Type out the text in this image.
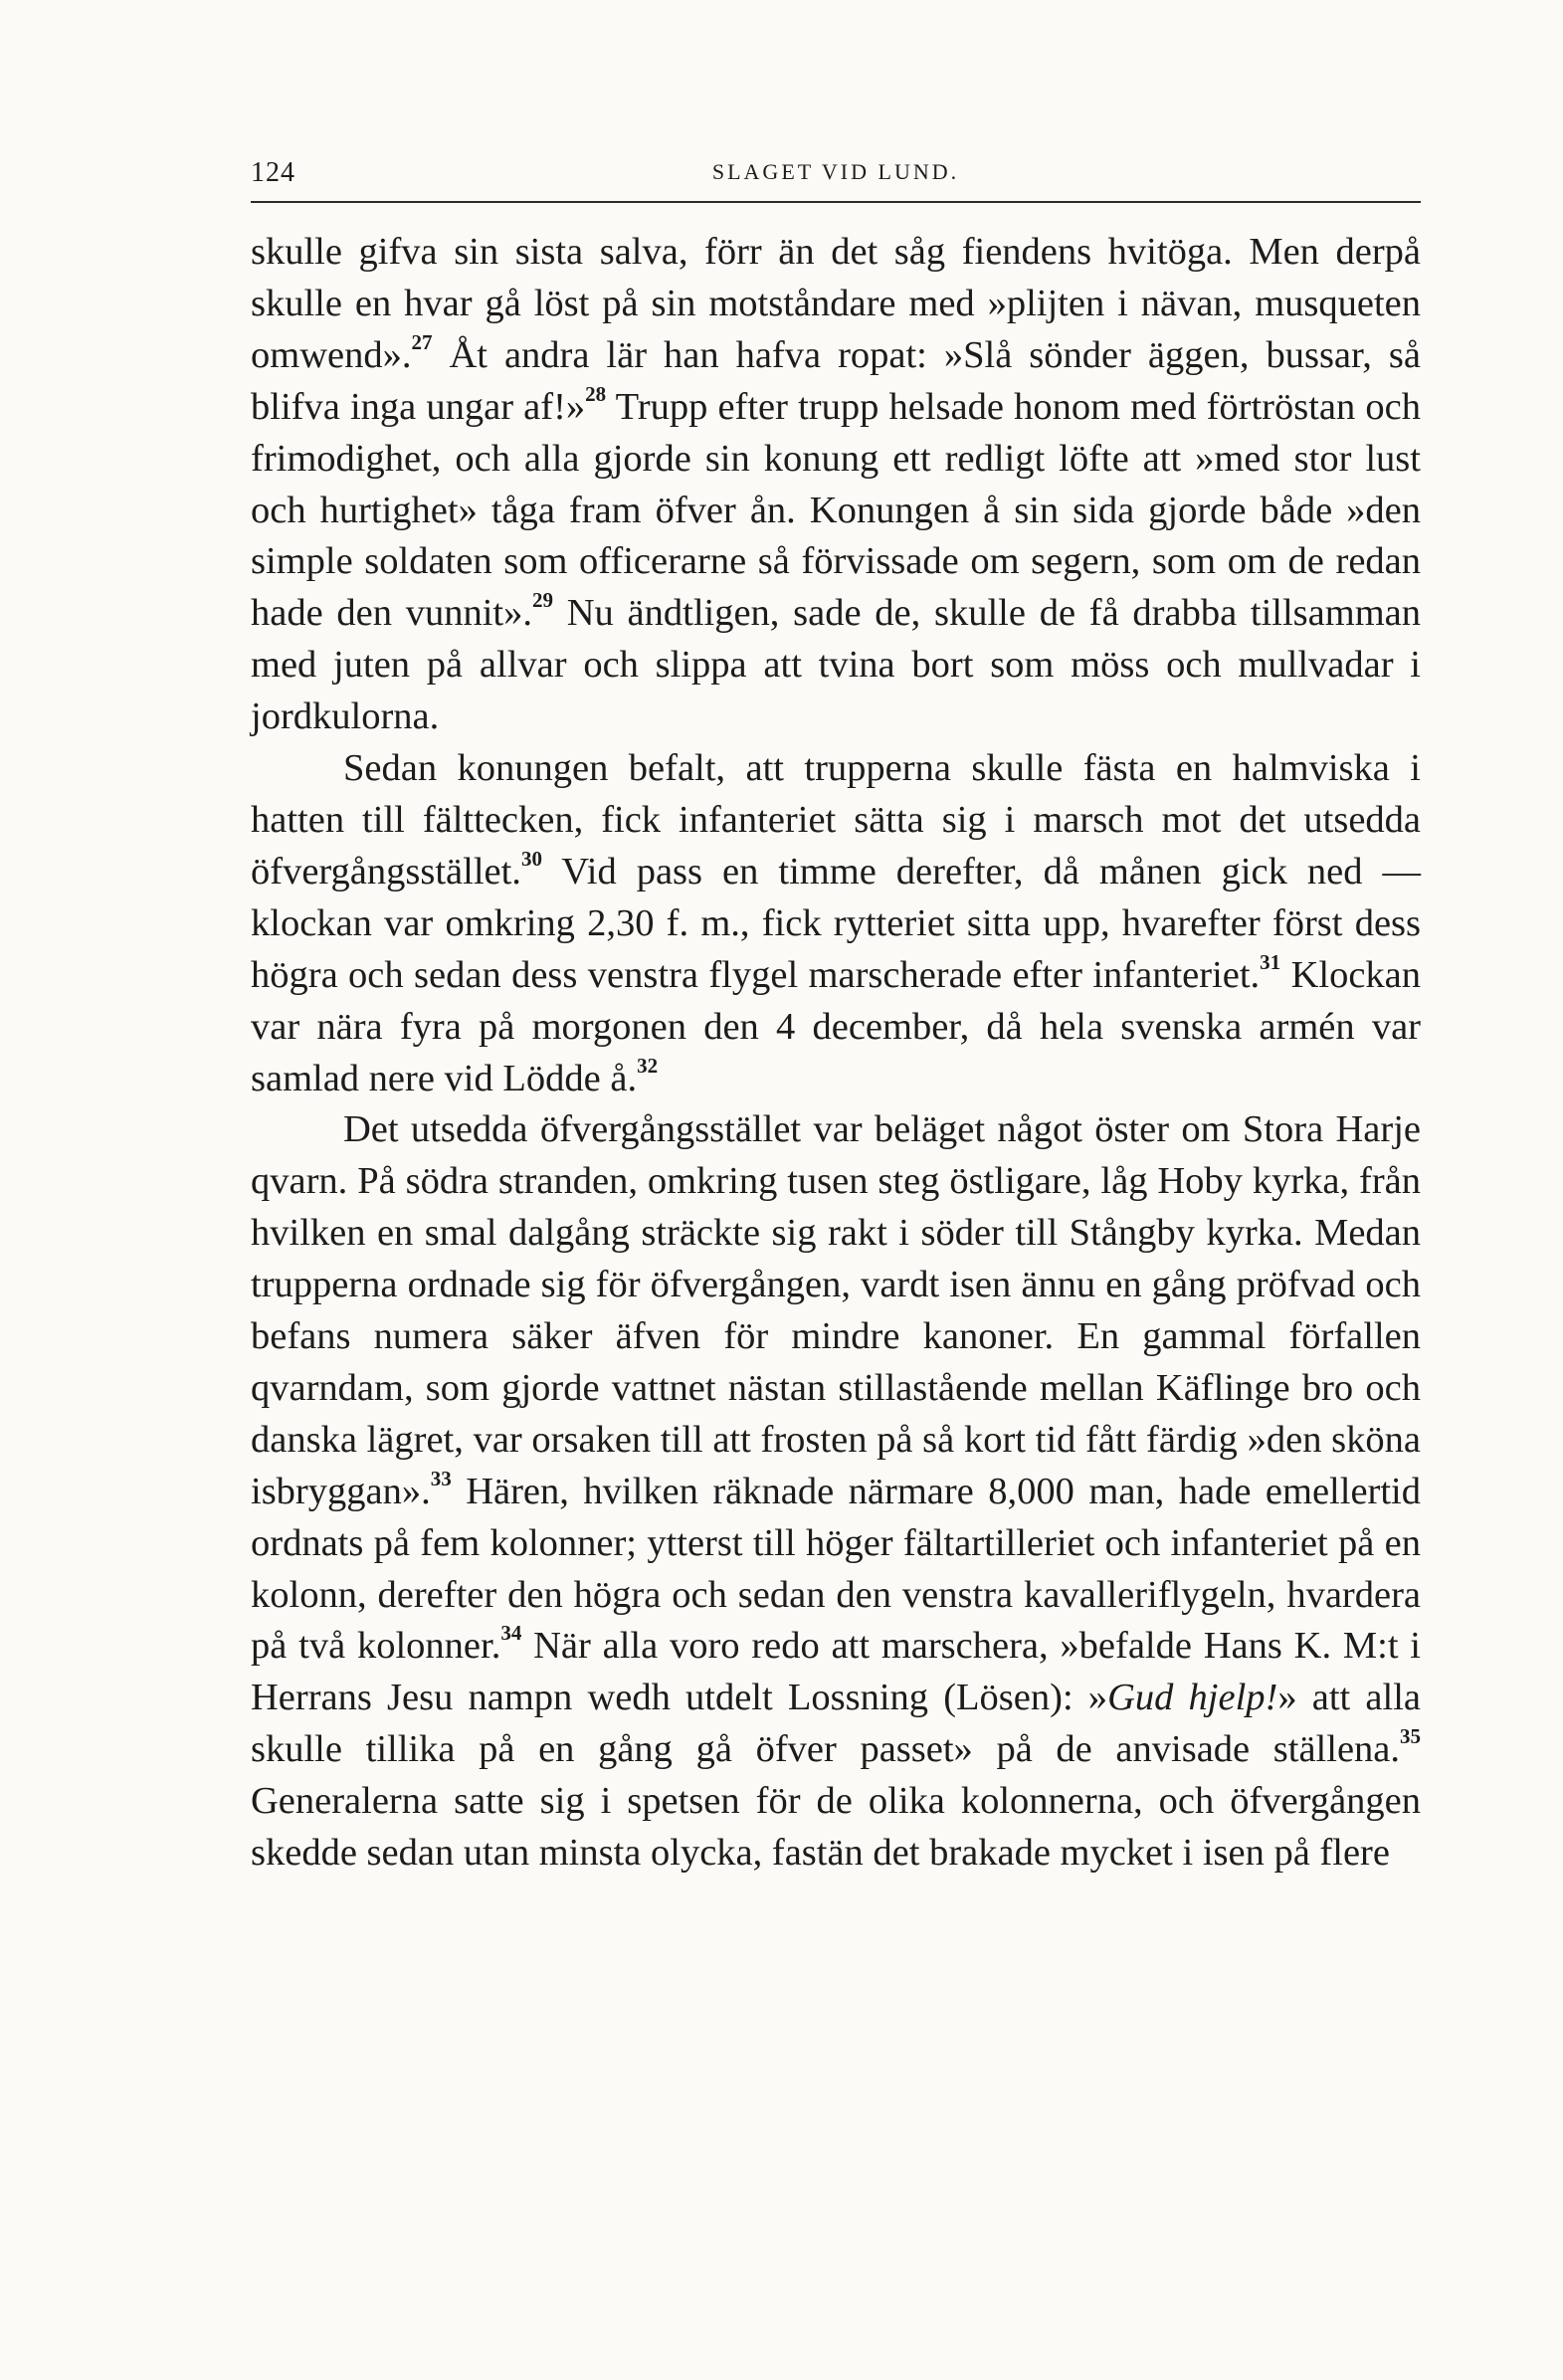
124	SLAGET VID LUND.

skulle gifva sin sista salva, förr än det såg fiendens hvitöga. Men derpå skulle en hvar gå löst på sin motståndare med »plijten i nävan, musqueten omwend».$^{27}$ Åt andra lär han hafva ropat: »Slå sönder äggen, bussar, så blifva inga ungar af!»$^{28}$ Trupp efter trupp helsade honom med förtröstan och frimodighet, och alla gjorde sin konung ett redligt löfte att »med stor lust och hurtighet» tåga fram öfver ån. Konungen å sin sida gjorde både »den simple soldaten som officerarne så förvissade om segern, som om de redan hade den vunnit».$^{29}$ Nu ändtligen, sade de, skulle de få drabba tillsamman med juten på allvar och slippa att tvina bort som möss och mullvadar i jordkulorna.

Sedan konungen befalt, att trupperna skulle fästa en halmviska i hatten till fälttecken, fick infanteriet sätta sig i marsch mot det utsedda öfvergångsstället.$^{30}$ Vid pass en timme derefter, då månen gick ned — klockan var omkring 2,30 f. m., fick rytteriet sitta upp, hvarefter först dess högra och sedan dess venstra flygel marscherade efter infanteriet.$^{31}$ Klockan var nära fyra på morgonen den 4 december, då hela svenska armén var samlad nere vid Lödde å.$^{32}$

Det utsedda öfvergångsstället var beläget något öster om Stora Harje qvarn. På södra stranden, omkring tusen steg östligare, låg Hoby kyrka, från hvilken en smal dalgång sträckte sig rakt i söder till Stångby kyrka. Medan trupperna ordnade sig för öfvergången, vardt isen ännu en gång pröfvad och befans numera säker äfven för mindre kanoner. En gammal förfallen qvarndam, som gjorde vattnet nästan stillastående mellan Käflinge bro och danska lägret, var orsaken till att frosten på så kort tid fått färdig »den sköna isbryggan».$^{33}$ Hären, hvilken räknade närmare 8,000 man, hade emellertid ordnats på fem kolonner; ytterst till höger fältartilleriet och infanteriet på en kolonn, derefter den högra och sedan den venstra kavalleriflygeln, hvardera på två kolonner.$^{34}$ När alla voro redo att marschera, »befalde Hans K. M:t i Herrans Jesu nampn wedh utdelt Lossning (Lösen): »Gud hjelp!» att alla skulle tillika på en gång gå öfver passet» på de anvisade ställena.$^{35}$ Generalerna satte sig i spetsen för de olika kolonnerna, och öfvergången skedde sedan utan minsta olycka, fastän det brakade mycket i isen på flere
